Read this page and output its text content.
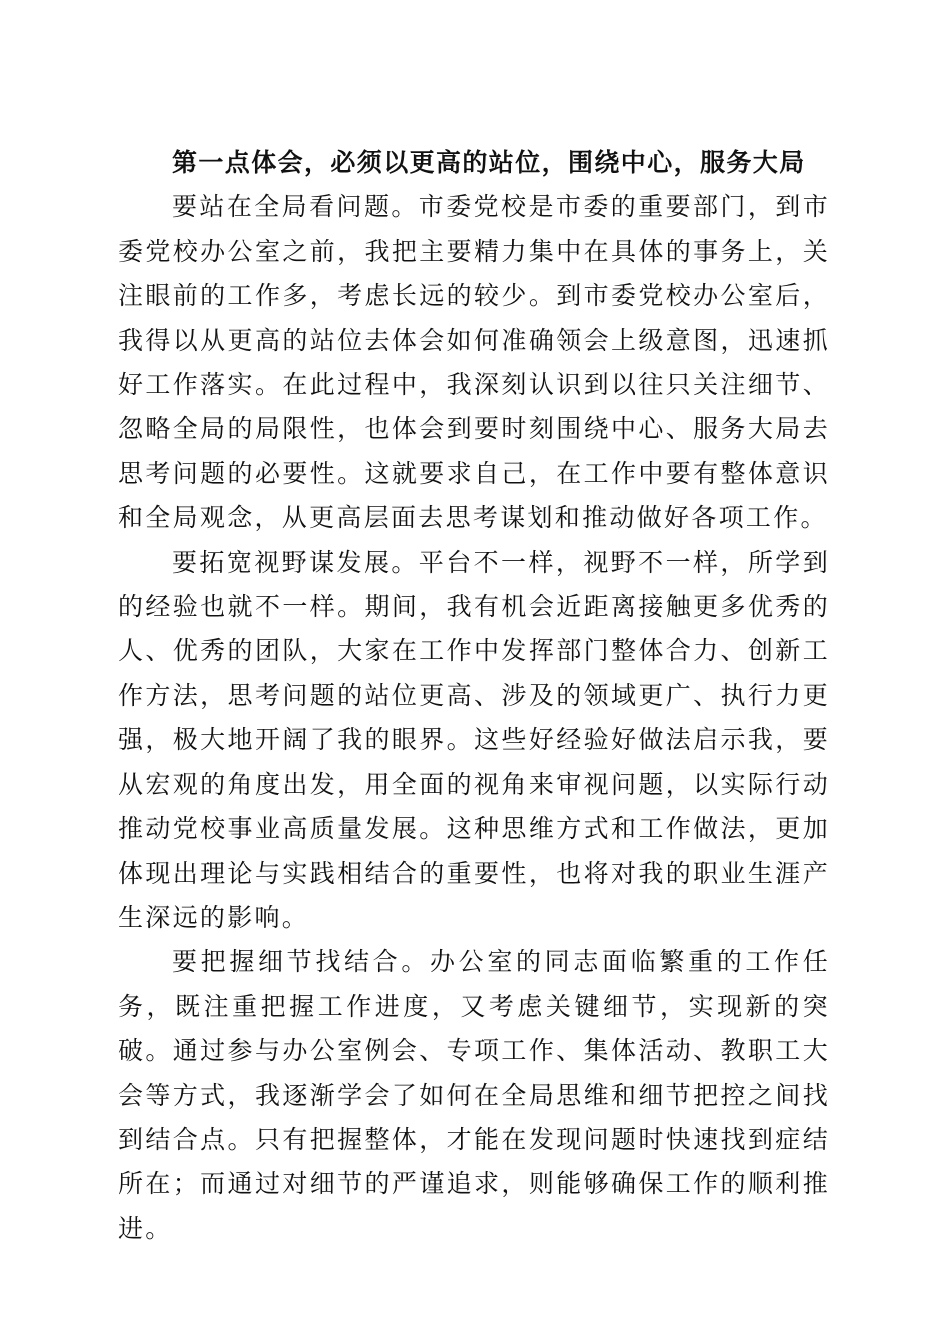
第一点体会，必须以更高的站位，围绕中心，服务大局

要站在全局看问题。市委党校是市委的重要部门，到市委党校办公室之前，我把主要精力集中在具体的事务上，关注眼前的工作多，考虑长远的较少。到市委党校办公室后，我得以从更高的站位去体会如何准确领会上级意图，迅速抓好工作落实。在此过程中，我深刻认识到以往只关注细节、忽略全局的局限性，也体会到要时刻围绕中心、服务大局去思考问题的必要性。这就要求自己，在工作中要有整体意识和全局观念，从更高层面去思考谋划和推动做好各项工作。

要拓宽视野谋发展。平台不一样，视野不一样，所学到的经验也就不一样。期间，我有机会近距离接触更多优秀的人、优秀的团队，大家在工作中发挥部门整体合力、创新工作方法，思考问题的站位更高、涉及的领域更广、执行力更强，极大地开阔了我的眼界。这些好经验好做法启示我，要从宏观的角度出发，用全面的视角来审视问题，以实际行动推动党校事业高质量发展。这种思维方式和工作做法，更加体现出理论与实践相结合的重要性，也将对我的职业生涯产生深远的影响。

要把握细节找结合。办公室的同志面临繁重的工作任务，既注重把握工作进度，又考虑关键细节，实现新的突破。通过参与办公室例会、专项工作、集体活动、教职工大会等方式，我逐渐学会了如何在全局思维和细节把控之间找到结合点。只有把握整体，才能在发现问题时快速找到症结所在；而通过对细节的严谨追求，则能够确保工作的顺利推进。
